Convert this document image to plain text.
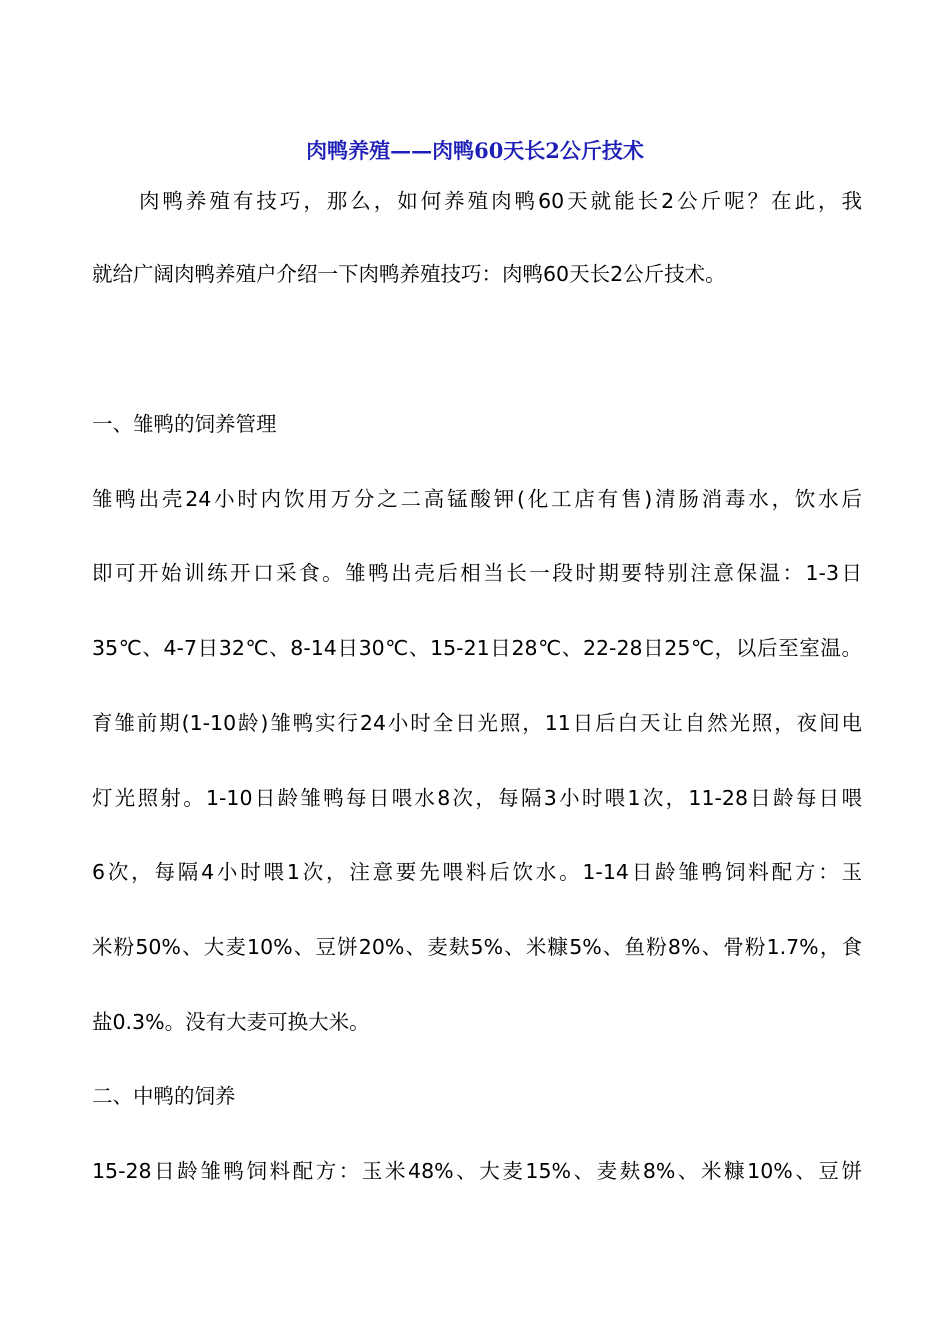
肉鸭养殖——肉鸭60天长2公斤技术
　　肉鸭养殖有技巧，那么，如何养殖肉鸭60天就能长2公斤呢？在此，我
就给广阔肉鸭养殖户介绍一下肉鸭养殖技巧：肉鸭60天长2公斤技术。
一、雏鸭的饲养管理
雏鸭出壳24小时内饮用万分之二高锰酸钾(化工店有售)清肠消毒水，饮水后
即可开始训练开口采食。雏鸭出壳后相当长一段时期要特别注意保温：1-3日
35℃、4-7日32℃、8-14日30℃、15-21日28℃、22-28日25℃，以后至室温。
育雏前期(1-10龄)雏鸭实行24小时全日光照，11日后白天让自然光照，夜间电
灯光照射。1-10日龄雏鸭每日喂水8次，每隔3小时喂1次，11-28日龄每日喂
6次，每隔4小时喂1次，注意要先喂料后饮水。1-14日龄雏鸭饲料配方：玉
米粉50%、大麦10%、豆饼20%、麦麸5%、米糠5%、鱼粉8%、骨粉1.7%，食
盐0.3%。没有大麦可换大米。
二、中鸭的饲养
15-28日龄雏鸭饲料配方：玉米48%、大麦15%、麦麸8%、米糠10%、豆饼
